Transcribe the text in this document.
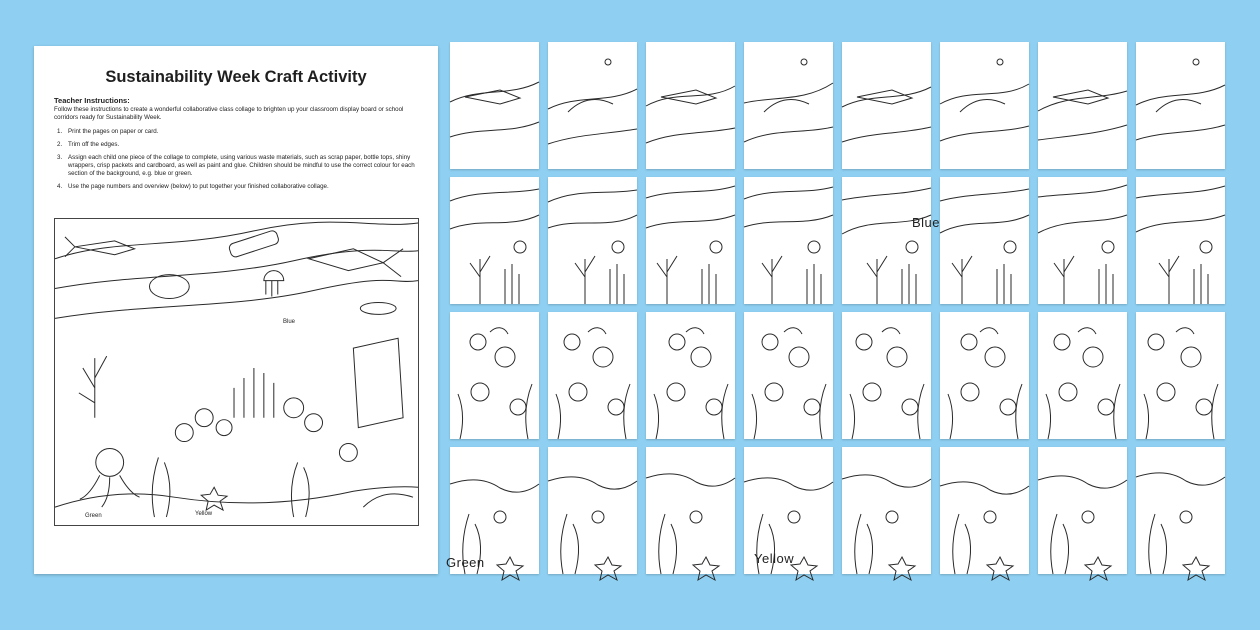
Sustainability Week Craft Activity
Teacher Instructions:
Follow these instructions to create a wonderful collaborative class collage to brighten up your classroom display board or school corridors ready for Sustainability Week.
1. Print the pages on paper or card.
2. Trim off the edges.
3. Assign each child one piece of the collage to complete, using various waste materials, such as scrap paper, bottle tops, shiny wrappers, crisp packets and cardboard, as well as paint and glue. Children should be mindful to use the correct colour for each section of the background, e.g. blue or green.
4. Use the page numbers and overview (below) to put together your finished collaborative collage.
Blue
Green	Yellow
Blue
Green	Yellow
